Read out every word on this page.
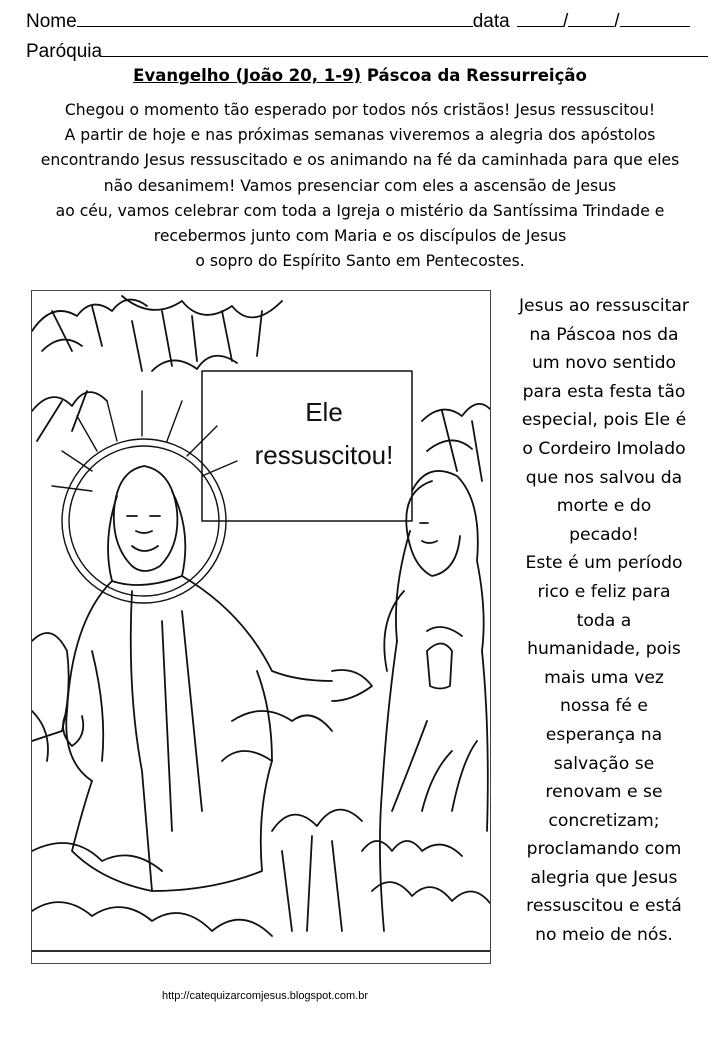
Nome	data	/ /
Paróquia
Evangelho (João 20, 1-9) Páscoa da Ressurreição
Chegou o momento tão esperado por todos nós cristãos! Jesus ressuscitou!
A partir de hoje e nas próximas semanas viveremos a alegria dos apóstolos
encontrando Jesus ressuscitado e os animando na fé da caminhada para que eles
não desanimem! Vamos presenciar com eles a ascensão de Jesus
ao céu, vamos celebrar com toda a Igreja o mistério da Santíssima Trindade e
recebermos junto com Maria e os discípulos de Jesus
o sopro do Espírito Santo em Pentecostes.
Ele
ressuscitou!
Jesus ao ressuscitar
na Páscoa nos da
um novo sentido
para esta festa tão
especial, pois Ele é
o Cordeiro Imolado
que nos salvou da
morte e do
pecado!
Este é um período
rico e feliz para
toda a
humanidade, pois
mais uma vez
nossa fé e
esperança na
salvação se
renovam e se
concretizam;
proclamando com
alegria que Jesus
ressuscitou e está
no meio de nós.
http://catequizarcomjesus.blogspot.com.br
